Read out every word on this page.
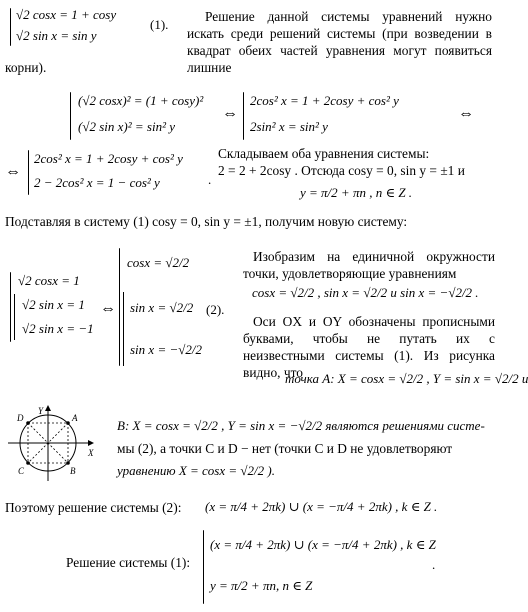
√2 cosx = 1 + cosy
√2 sin x = sin y
(1).
Решение данной системы уравнений нужно искать среди решений системы (при возведении в квадрат обеих частей уравнения могут появиться лишние
корни).
(√2 cosx)² = (1 + cosy)²
(√2 sin x)² = sin² y
⇔
2cos² x = 1 + 2cosy + cos² y
2sin² x = sin² y
⇔
⇔
2cos² x = 1 + 2cosy + cos² y
2 − 2cos² x = 1 − cos² y	.
Складываем оба уравнения системы:
2 = 2 + 2cosy . Отсюда cosy = 0, sin y = ±1 и
y = π/2 + πn , n ∈ Z .
Подставляя в систему (1) cosy = 0, sin y = ±1, получим новую систему:
√2 cosx = 1
√2 sin x = 1
√2 sin x = −1
⇔
cosx = √2/2
sin x = √2/2
sin x = −√2/2
(2).
Изобразим на единичной окружности точки, удовлетворяющие уравнениям
cosx = √2/2 , sin x = √2/2 и sin x = −√2/2 .
Оси OX и OY обозначены прописными буквами, чтобы не путать их с неизвестными системы (1). Из рисунка видно, что
точка A: X = cosx = √2/2 , Y = sin x = √2/2 и
Y
X
A
B
C
D	B: X = cosx = √2/2 , Y = sin x = −√2/2 являются решениями систе-
мы (2), а точки C и D − нет (точки C и D не удовлетворяют
уравнению X = cosx = √2/2 ).
Поэтому решение системы (2): (x = π/4 + 2πk) ∪ (x = −π/4 + 2πk) , k ∈ Z .
Решение системы (1):
(x = π/4 + 2πk) ∪ (x = −π/4 + 2πk) , k ∈ Z
y = π/2 + πn, n ∈ Z
.
